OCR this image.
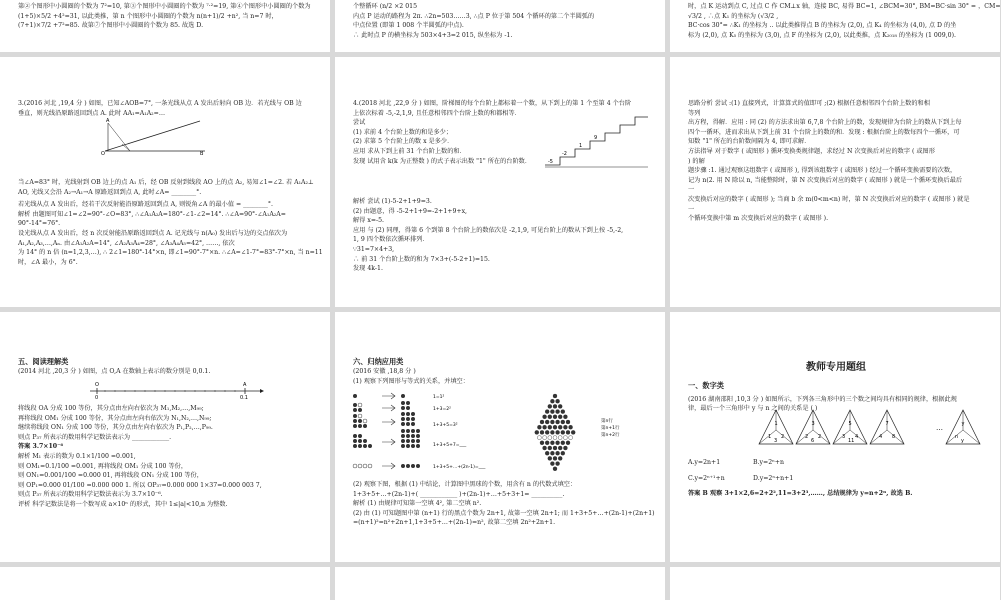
第②个图形中小圆圈的个数为 7²=10, 第③个图形中小圆圈的个数为 ⁷·²=19, 第④个图形中小圆圈的个数为
(1+5)×5/2 +4²=31, 以此类推，第 n 个图形中小圆圈的个数为 n(n+1)/2 +n², 当 n=7 时，
(7+1)×7/2 +7²=85. 故第⑦个图形中小圆圈的个数为 85. 故选 D.
个整循环 (n/2 ×2 015
内点 P 运动的路程为 2π. ∴2n=503……3, ∴点 P 位于第 504 个循环的第二个半圆弧的
中点位置 (即第 1 008 个半圆弧的中点).
∴ 此时点 P 的横坐标为 503×4+3=2 015, 纵坐标为 -1.
时，点 K 运动到点 C, 过点 C 作 CM⊥x 轴，连接 BC, 易得 BC=1, ∠BCM=30°, BM=BC·sin 30° = ，CM=
√3/2 , ∴点 K₁ 的坐标为 (√3/2 ,
BC·cos 30°= ∴K₁ 的坐标为 .. 以此类推得点 B 的坐标为 (2,0), 点 K₄ 的坐标为 (4,0), 点 D 的坐
标为 (2,0), 点 K₅ 的坐标为 (3,0), 点 F 的坐标为 (2,0), 以此类推，点 K₂₀₁₈ 的坐标为 (1 009,0).
3.(2016 河北 ,19,4 分 ) 如图，已知∠AOB=7°, 一条光线从点 A 发出后射向 OB 边．若光线与 OB 边
垂直，则光线沿原路返回到点 A. 此时 AA₁=A₁A₂=…
O
A
B
当∠A=83° 时，光线射到 OB 边上的点 A₁ 后，经 OB 反射到线段 AO 上的点 A₂, 易知∠1=∠2. 若 A₁A₂⊥
AO, 光线又会沿 A₂→A₁→A 原路返回到点 A, 此时∠A= ________°.
若光线从点 A 发出后，经若干次反射能沿原路返回到点 A, 则锐角∠A 的最小值 = ________°.
解析 由题图可知∠1=∠2=90°-∠O=83°, ∴∠A₁A₂A=180°-∠1-∠2=14°. ∴∠A=90°-∠A₁A₂A=
90°-14°=76°.
设光线从点 A 发出后，经 n 次反射能沿原路返回到点 A. 记光线与 n(A₀) 发出后与边的交点依次为
A₁,A₂,A₃,…,Aₙ. 由∠A₁A₂A=14°, ∠A₂A₃A₄=28°, ∠A₃A₄A₅=42°, ……, 依次
为 14° 的 n 倍 (n=1,2,3,…), ∴ 2∠1=180°-14°×n, 即∠1=90°-7°×n. ∴∠A=∠1-7°=83°-7°×n, 当 n=11
时，∠A 最小，为 6°.
4.(2018 河北 ,22,9 分 ) 如图，阶梯图的每个台阶上都标着一个数，从下到上的第 1 个至第 4 个台阶
上依次标着 -5,-2,1,9, 且任意相邻四个台阶上数的和都相等．
尝试
(1) 求前 4 个台阶上数的和是多少；
(2) 求第 5 个台阶上的数 x 是多少．
应用 求从下到上前 31 个台阶上数的和．
发现 试用含 k(k 为正整数 ) 的式子表示出数 "1" 所在的台阶数．	-5
-2
1
9
解析 尝试 (1)-5-2+1+9=3.
(2) 由题意，得 -5-2+1+9=-2+1+9+x,
解得 x=-5.
应用 与 (2) 同理，得第 6 个到第 8 个台阶上的数依次是 -2,1,9, 可见台阶上的数从下到上按 -5,-2,
1, 9 四个数依次循环排列．
∵31=7×4+3,
∴ 前 31 个台阶上数的和为 7×3+(-5-2+1)=15.
发现 4k-1.
思路分析 尝试 :(1) 直接列式，计算算式的值即可 ;(2) 根据任意相邻四个台阶上数的和相
等列
出方程，得解．应用 : 同 (2) 的方法求出第 6,7,8 个台阶上的数，发现规律为台阶上的数从下到上每
四个一循环，进而求出从下到上前 31 个台阶上的数的和．发现 : 根据台阶上的数每四个一循环，可
知数 "1" 所在的台阶数间隔为 4, 即可求解．
方法指导 对于数字 ( 或图形 ) 循环变换类规律题，求经过 N 次变换后对应的数字 ( 或图形
) 的解
题步骤 :1. 通过观察这组数字 ( 或图形 ), 得到该组数字 ( 或图形 ) 经过一个循环变换需要的次数，
记为 n(2. 用 N 除以 n, 当能整除时，第 N 次变换后对应的数字 ( 或图形 ) 就是一个循环变换后最后
一
次变换后对应的数字 ( 或图形 ); 当商 b 余 m(0<m<n) 时，第 N 次变换后对应的数字 ( 或图形 ) 就是
一
个循环变换中第 m 次变换后对应的数字 ( 或图形 ).
五、阅读理解类
(2014 河北 ,20,3 分 ) 如图，点 O,A 在数轴上表示的数分别是 0,0.1.
O	A
0	0.1
将线段 OA 分成 100 等份，其分点由左向右依次为 M₁,M₂,…,M₉₉;
再将线段 OM₁ 分成 100 等份，其分点由左向右依次为 N₁,N₂,…,N₉₉;
继续将线段 ON₁ 分成 100 等份，其分点由左向右依次为 P₁,P₂,…,P₉₉.
则点 P₃₇ 所表示的数用科学记数法表示为 ____________.
答案 3.7×10⁻⁶
解析 M₁ 表示的数为 0.1×1/100 =0.001,
则 OM₁=0.1/100 =0.001, 再将线段 OM₁ 分成 100 等份，
则 ON₁=0.001/100 =0.000 01, 再将线段 ON₁ 分成 100 等份，
则 OP₁=0.000 01/100 =0.000 000 1. 所以 OP₃₇=0.000 000 1×37=0.000 003 7,
则点 P₃₇ 所表示的数用科学记数法表示为 3.7×10⁻⁶.
评析 科学记数法是将一个数写成 a×10ⁿ 的形式，其中 1≤|a|<10,n 为整数.
六、归纳应用类
(2016 安徽 ,18,8 分 )
(1) 观察下列图形与等式的关系，并填空：
1=1²
1+3=2²
1+3+5=3²
1+3+5+7=___
1+3+5+…+(2n-1)=___
第n行
第n+1行
第n+2行
(2) 观察下图，根据 (1) 中结论，计算图中黑球的个数，用含有 n 的代数式填空：
1+3+5+…+(2n-1)+( ____________ )+(2n-1)+…+5+3+1= __________.
解析 (1) 由规律可知第一空填 4², 第二空填 n².
(2) 由 (1) 可知题图中第 (n+1) 行的黑点个数为 2n+1, 故第一空填 2n+1; 而 1+3+5+…+(2n-1)+(2n+1)
=(n+1)²=n²+2n+1,1+3+5+…+(2n-1)=n², 故第二空填 2n²+2n+1.
教师专用题组
一、数字类
(2016 湖南邵阳 ,10,3 分 ) 如图所示，下列各三角形中的三个数之间均具有相同的规律，根据此规
律，最后一个三角形中 y 与 n 之间的关系是 ( )
1
1 2
3
3
2 2
6
5
3 4
11
7
4 8
y
n
y
…
A.y=2n+1	B.y=2ⁿ+n
C.y=2ⁿ⁺¹+n	D.y=2ⁿ+n+1
答案 B 观察 3+1×2,6=2+2²,11=3+2³,……, 总结规律为 y=n+2ⁿ, 故选 B.
